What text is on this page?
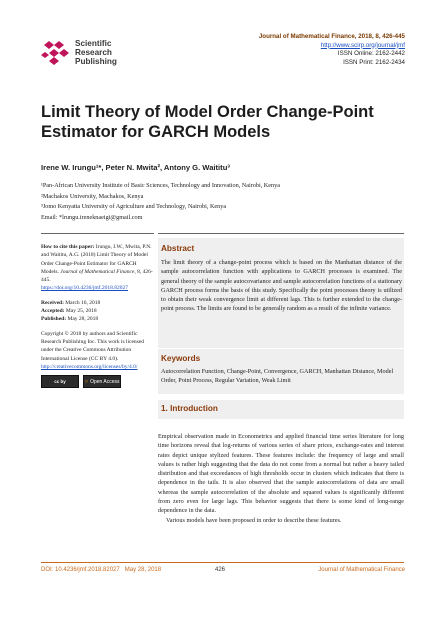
Scientific
Research
Publishing
Journal of Mathematical Finance, 2018, 8, 426-445
http://www.scirp.org/journal/jmf
ISSN Online: 2162-2442
ISSN Print: 2162-2434
Limit Theory of Model Order Change-Point Estimator for GARCH Models
Irene W. Irungu¹*, Peter N. Mwita², Antony G. Waititu³
¹Pan-African University Institute of Basic Sciences, Technology and Innovation, Nairobi, Kenya
²Machakos University, Machakos, Kenya
³Jomo Kenyatta University of Agriculture and Technology, Nairobi, Kenya
Email: *lrungu.ireneknaeigi@gmail.com
How to cite this paper: Irungu, I.W., Mwita, P.N. and Waititu, A.G. (2018) Limit Theory of Model Order Change-Point Estimator for GARCH Models. Journal of Mathematical Finance, 8, 426-445.
https://doi.org/10.4236/jmf.2018.82027
Received: March 16, 2018
Accepted: May 25, 2018
Published: May 28, 2018
Copyright © 2018 by authors and Scientific Research Publishing Inc. This work is licensed under the Creative Commons Attribution International License (CC BY 4.0).
http://creativecommons.org/licenses/by/4.0/
cc by	○ Open Access
Abstract
The limit theory of a change-point process which is based on the Manhattan distance of the sample autocorrelation function with applications to GARCH processes is examined. The general theory of the sample autocovariance and sample autocorrelation functions of a stationary GARCH process forms the basis of this study. Specifically the point processes theory is utilized to obtain their weak convergence limit at different lags. This is further extended to the change-point process. The limits are found to be generally random as a result of the infinite variance.
Keywords
Autocorrelation Function, Change-Point, Convergence, GARCH, Manhattan Distance, Model Order, Point Process, Regular Variation, Weak Limit
1. Introduction

Empirical observation made in Econometrics and applied financial time series literature for long time horizons reveal that log-returns of various series of share prices, exchange-rates and interest rates depict unique stylized features. These features include: the frequency of large and small values is rather high suggesting that the data do not come from a normal but rather a heavy tailed distribution and that exceedances of high thresholds occur in clusters which indicates that there is dependence in the tails. It is also observed that the sample autocorrelations of data are small whereas the sample autocorrelation of the absolute and squared values is significantly different from zero even for large lags. This behavior suggests that there is some kind of long-range dependence in the data.

Various models have been proposed in order to describe these features.

DOI: 10.4236/jmf.2018.82027 May 28, 2018	426	Journal of Mathematical Finance
